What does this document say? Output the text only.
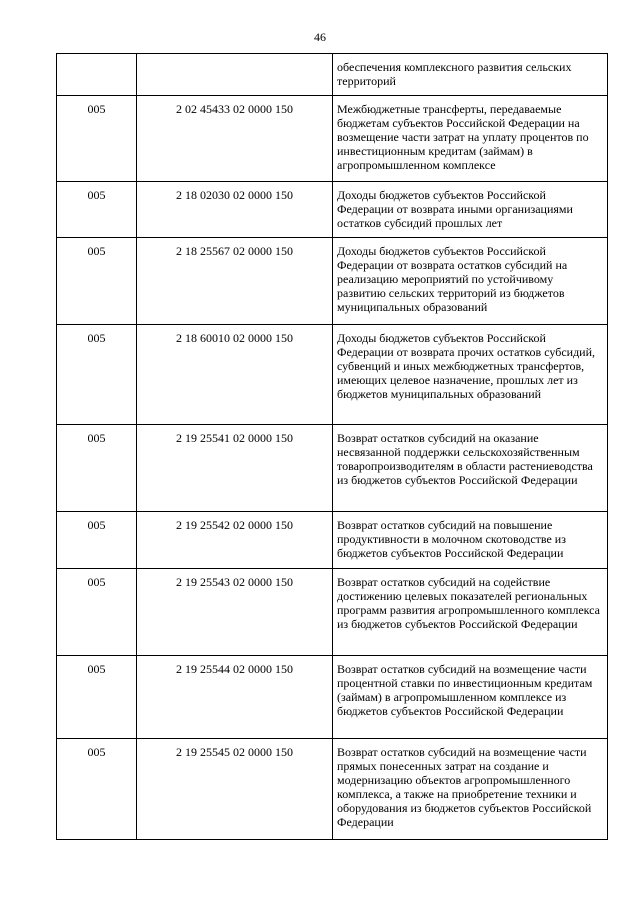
46
		обеспечения комплексного развития сельских территорий
005	2 02 45433 02 0000 150	Межбюджетные трансферты, передаваемые бюджетам субъектов Российской Федерации на возмещение части затрат на уплату процентов по инвестиционным кредитам (займам) в агропромышленном комплексе
005	2 18 02030 02 0000 150	Доходы бюджетов субъектов Российской Федерации от возврата иными организациями остатков субсидий прошлых лет
005	2 18 25567 02 0000 150	Доходы бюджетов субъектов Российской Федерации от возврата остатков субсидий на реализацию мероприятий по устойчивому развитию сельских территорий из бюджетов муниципальных образований
005	2 18 60010 02 0000 150	Доходы бюджетов субъектов Российской Федерации от возврата прочих остатков субсидий, субвенций и иных межбюджетных трансфертов, имеющих целевое назначение, прошлых лет из бюджетов муниципальных образований
005	2 19 25541 02 0000 150	Возврат остатков субсидий на оказание несвязанной поддержки сельскохозяйственным товаропроизводителям в области растениеводства из бюджетов субъектов Российской Федерации
005	2 19 25542 02 0000 150	Возврат остатков субсидий на повышение продуктивности в молочном скотоводстве из бюджетов субъектов Российской Федерации
005	2 19 25543 02 0000 150	Возврат остатков субсидий на содействие достижению целевых показателей региональных программ развития агропромышленного комплекса из бюджетов субъектов Российской Федерации
005	2 19 25544 02 0000 150	Возврат остатков субсидий на возмещение части процентной ставки по инвестиционным кредитам (займам) в агропромышленном комплексе из бюджетов субъектов Российской Федерации
005	2 19 25545 02 0000 150	Возврат остатков субсидий на возмещение части прямых понесенных затрат на создание и модернизацию объектов агропромышленного комплекса, а также на приобретение техники и оборудования из бюджетов субъектов Российской Федерации
